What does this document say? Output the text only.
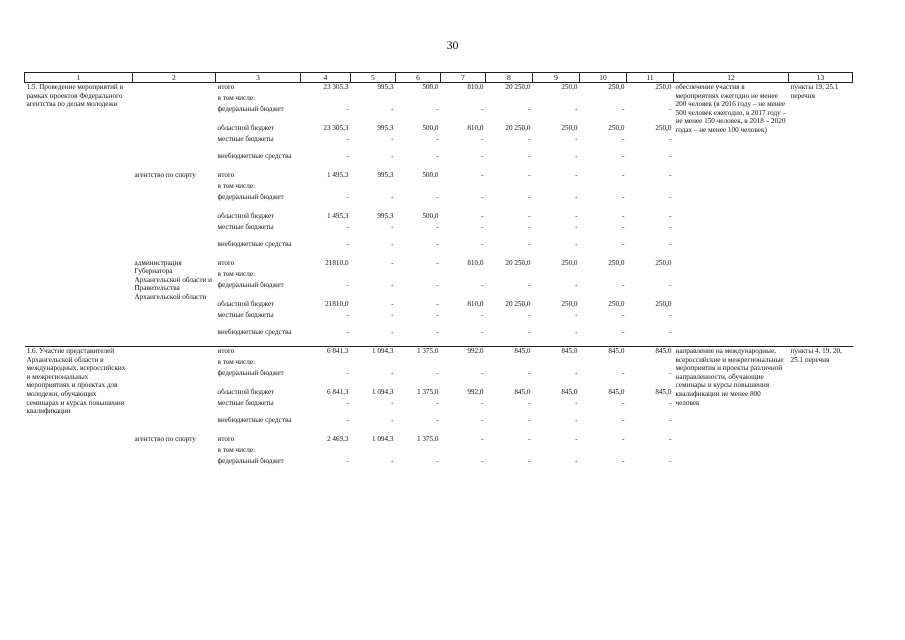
30
1	2	3	4	5	6	7	8	9	10	11	12	13
1.5. Проведение мероприятий в рамках проектов Федерального агентства по делам молодежи		итого	23 305,3	995,3	500,0	810,0	20 250,0	250,0	250,0	250,0	обеспечение участия в мероприятиях ежегодно не менее 200 человек (в 2016 году – не менее 500 человек ежегодно, в 2017 году – не менее 150 человек, в 2018 – 2020 годах – не менее 100 человек)	пункты 19, 25.1 перечня
		в том числе:										
		федеральный бюджет	-	-	-	-	-	-	-	-		
		областной бюджет	23 305,3	995,3	500,0	810,0	20 250,0	250,0	250,0	250,0		
		местные бюджеты	-	-	-	-	-	-	-	-		
		внебюджетные средства	-	-	-	-	-	-	-	-		
	агентство по спорту	итого	1 495,3	995,3	500,0	-	-	-	-	-		
		в том числе:										
		федеральный бюджет	-	-	-	-	-	-	-	-		
		областной бюджет	1 495,3	995,3	500,0	-	-	-	-	-		
		местные бюджеты	-	-	-	-	-	-	-	-		
		внебюджетные средства	-	-	-	-	-	-	-	-		
	администрация Губернатора Архангельской области и Правительства Архангельской области	итого	21810,0	-	-	810,0	20 250,0	250,0	250,0	250,0		
		в том числе:										
		федеральный бюджет	-	-	-	-	-	-	-	-		
		областной бюджет	21810,0	-	-	810,0	20 250,0	250,0	250,0	250,0		
		местные бюджеты	-	-	-	-	-	-	-	-		
		внебюджетные средства	-	-	-	-	-	-	-	-		
1.6. Участие представителей Архангельской области в международных, всероссийских и межрегиональных мероприятиях и проектах для молодежи, обучающих семинарах и курсах повышения квалификации		итого	6 841,3	1 094,3	1 375,0	992,0	845,0	845,0	845,0	845,0	направление на международные, всероссийские и межрегиональные мероприятия и проекты различной направленности, обучающие семинары и курсы повышения квалификации не менее 800 человек	пункты 4, 19, 20, 25.1 перечня
		в том числе:										
		федеральный бюджет	-	-	-	-	-	-	-	-		
		областной бюджет	6 841,3	1 094,3	1 375,0	992,0	845,0	845,0	845,0	845,0		
		местные бюджеты	-	-	-	-	-	-	-	-		
		внебюджетные средства	-	-	-	-	-	-	-	-		
	агентство по спорту	итого	2 469,3	1 094,3	1 375,0	-	-	-	-	-		
		в том числе:										
		федеральный бюджет	-	-	-	-	-	-	-	-		
